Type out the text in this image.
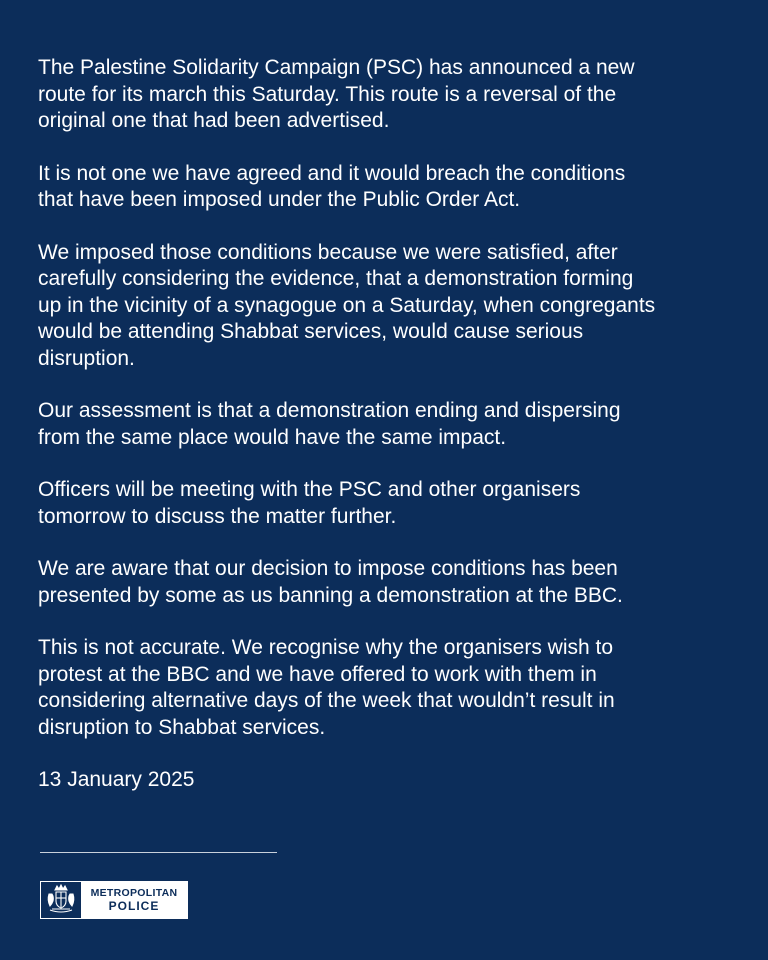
The Palestine Solidarity Campaign (PSC) has announced a new
route for its march this Saturday. This route is a reversal of the
original one that had been advertised.

It is not one we have agreed and it would breach the conditions
that have been imposed under the Public Order Act.

We imposed those conditions because we were satisfied, after
carefully considering the evidence, that a demonstration forming
up in the vicinity of a synagogue on a Saturday, when congregants
would be attending Shabbat services, would cause serious
disruption.

Our assessment is that a demonstration ending and dispersing
from the same place would have the same impact.

Officers will be meeting with the PSC and other organisers
tomorrow to discuss the matter further.

We are aware that our decision to impose conditions has been
presented by some as us banning a demonstration at the BBC.

This is not accurate. We recognise why the organisers wish to
protest at the BBC and we have offered to work with them in
considering alternative days of the week that wouldn’t result in
disruption to Shabbat services.

13 January 2025

METROPOLITAN
POLICE
